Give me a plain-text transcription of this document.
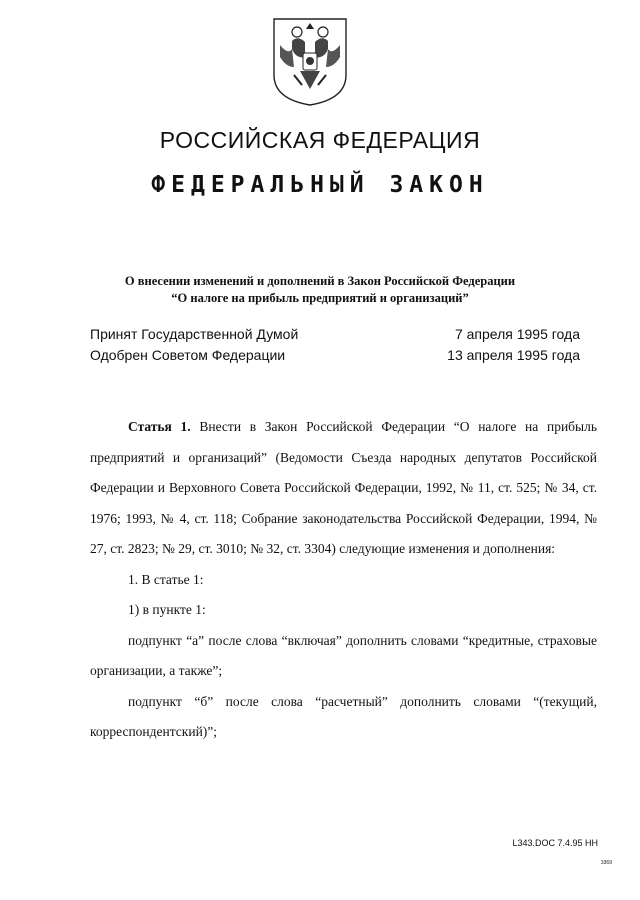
РОССИЙСКАЯ ФЕДЕРАЦИЯ
ФЕДЕРАЛЬНЫЙ ЗАКОН
О внесении изменений и дополнений в Закон Российской Федерации
“О налоге на прибыль предприятий и организаций”
Принят Государственной Думой	7 апреля 1995 года
Одобрен Советом Федерации	13 апреля 1995 года

Статья 1. Внести в Закон Российской Федерации “О налоге на прибыль предприятий и организаций” (Ведомости Съезда народных депутатов Российской Федерации и Верховного Совета Российской Федерации, 1992, № 11, ст. 525; № 34, ст. 1976; 1993, № 4, ст. 118; Собрание законодательства Российской Федерации, 1994, № 27, ст. 2823; № 29, ст. 3010; № 32, ст. 3304) следующие изменения и дополнения:

1. В статье 1:

1) в пункте 1:

подпункт “а” после слова “включая” дополнить словами “кредитные, страховые организации, а также”;

подпункт “б” после слова “расчетный” дополнить словами “(текущий, корреспондентский)”;

L343.DOC 7.4.95 НН
3369
